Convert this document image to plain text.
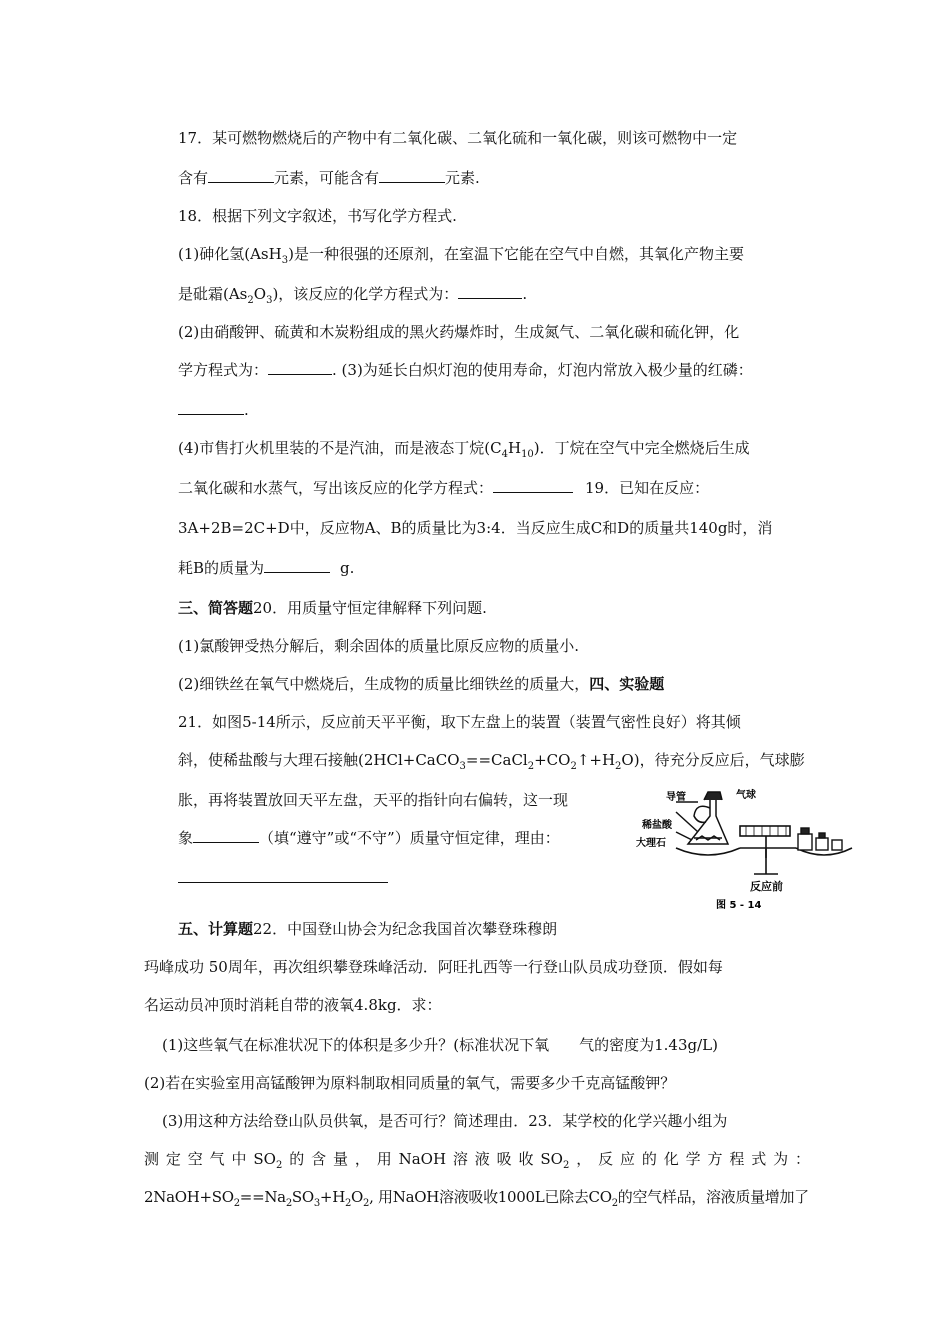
17．某可燃物燃烧后的产物中有二氧化碳、二氧化硫和一氧化碳，则该可燃物中一定
含有	元素，可能含有	元素.
18．根据下列文字叙述，书写化学方程式.
(1)砷化氢(AsH$_3$)是一种很强的还原剂，在室温下它能在空气中自燃，其氧化产物主要
是砒霜$(As_2O_3)$，该反应的化学方程式为：	.
(2)由硝酸钾、硫黄和木炭粉组成的黑火药爆炸时，生成氮气、二氧化碳和硫化钾，化
学方程式为：	. (3)为延长白炽灯泡的使用寿命，灯泡内常放入极少量的红磷：
.
(4)市售打火机里装的不是汽油，而是液态丁烷$(C_4H_{10})$．丁烷在空气中完全燃烧后生成
二氧化碳和水蒸气，写出该反应的化学方程式：	19．已知在反应：
3A+2B=2C+D中，反应物A、B的质量比为3:4．当反应生成C和D的质量共140g时，消
耗B的质量为	g.
三、简答题20．用质量守恒定律解释下列问题.
(1)氯酸钾受热分解后，剩余固体的质量比原反应物的质量小.
(2)细铁丝在氧气中燃烧后，生成物的质量比细铁丝的质量大，四、实验题
21．如图5-14所示，反应前天平平衡，取下左盘上的装置（装置气密性良好）将其倾
斜，使稀盐酸与大理石接触$(2HCl+CaCO_3==CaCl_2+CO_2↑+H_2O)$，待充分反应后，气球膨
胀，再将装置放回天平左盘，天平的指针向右偏转，这一现
象	（填“遵守”或“不守”）质量守恒定律，理由：
导管	气球
稀盐酸
大理石
反应前
图 5 - 14
五、计算题22．中国登山协会为纪念我国首次攀登珠穆朗
玛峰成功 50周年，再次组织攀登珠峰活动．阿旺扎西等一行登山队员成功登顶．假如每
名运动员冲顶时消耗自带的液氧4.8kg．求：
(1)这些氧气在标准状况下的体积是多少升？(标准状况下氧　　气的密度为1.43g/L)
(2)若在实验室用高锰酸钾为原料制取相同质量的氧气，需要多少千克高锰酸钾？
(3)用这种方法给登山队员供氧，是否可行？简述理由．23．某学校的化学兴趣小组为
测定空气中$SO_2$的含量，用NaOH溶液吸收$SO_2$，反应的化学方程式为：
$2NaOH+SO_2==Na_2SO_3+H_2O_2$, 用NaOH溶液吸收1000L已除去$CO_2$的空气样品，溶液质量增加了
